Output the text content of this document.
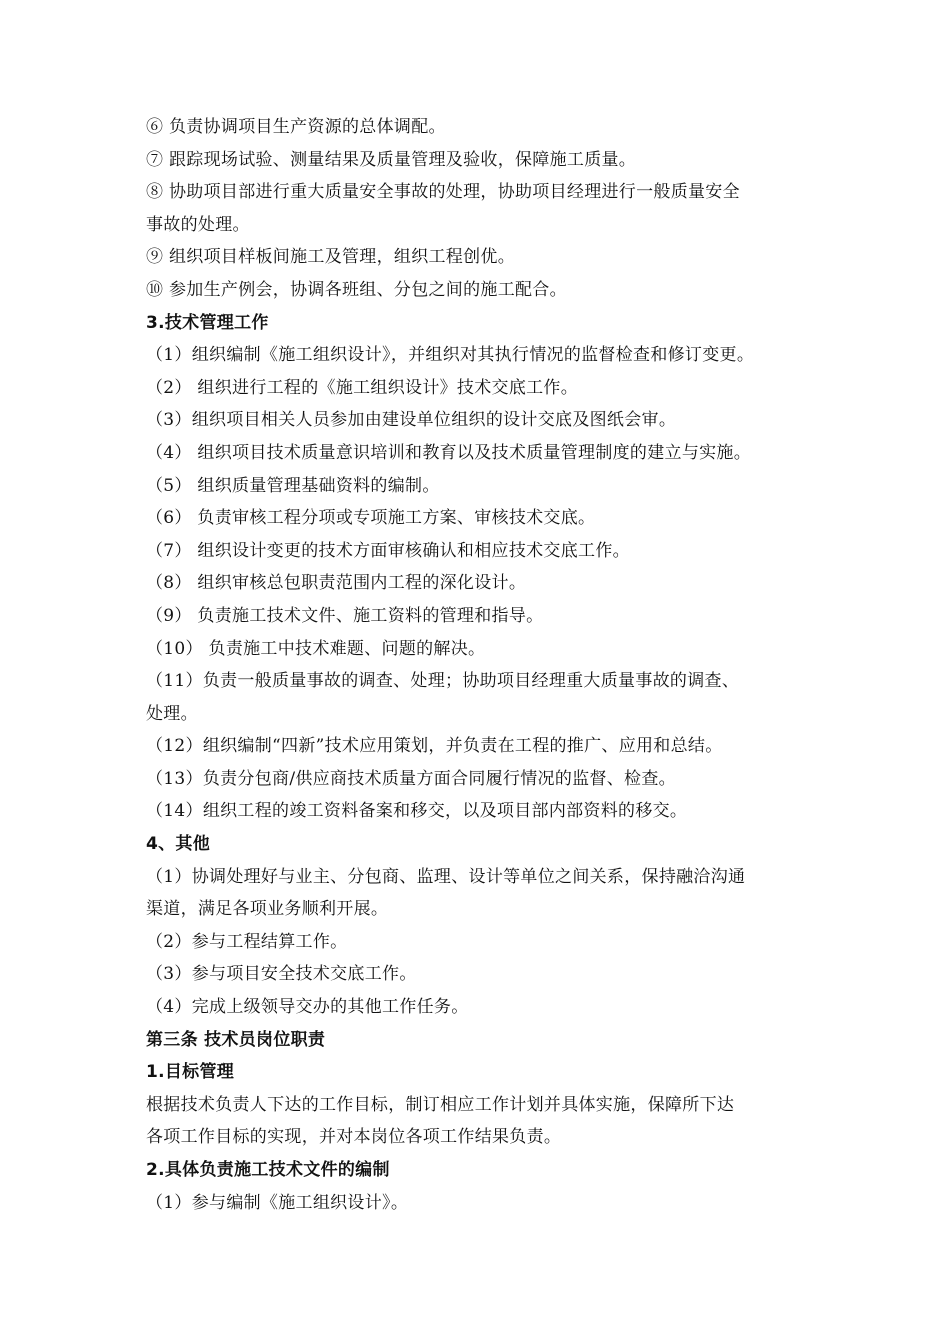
⑥ 负责协调项目生产资源的总体调配。
⑦ 跟踪现场试验、测量结果及质量管理及验收，保障施工质量。
⑧ 协助项目部进行重大质量安全事故的处理，协助项目经理进行一般质量安全
事故的处理。
⑨ 组织项目样板间施工及管理，组织工程创优。
⑩ 参加生产例会，协调各班组、分包之间的施工配合。
3.技术管理工作
（1）组织编制《施工组织设计》，并组织对其执行情况的监督检查和修订变更。
（2） 组织进行工程的《施工组织设计》技术交底工作。
（3）组织项目相关人员参加由建设单位组织的设计交底及图纸会审。
（4） 组织项目技术质量意识培训和教育以及技术质量管理制度的建立与实施。
（5） 组织质量管理基础资料的编制。
（6） 负责审核工程分项或专项施工方案、审核技术交底。
（7） 组织设计变更的技术方面审核确认和相应技术交底工作。
（8） 组织审核总包职责范围内工程的深化设计。
（9） 负责施工技术文件、施工资料的管理和指导。
（10） 负责施工中技术难题、问题的解决。
（11）负责一般质量事故的调查、处理；协助项目经理重大质量事故的调查、
处理。
（12）组织编制“四新”技术应用策划，并负责在工程的推广、应用和总结。
（13）负责分包商/供应商技术质量方面合同履行情况的监督、检查。
（14）组织工程的竣工资料备案和移交，以及项目部内部资料的移交。
4、其他
（1）协调处理好与业主、分包商、监理、设计等单位之间关系，保持融洽沟通
渠道，满足各项业务顺利开展。
（2）参与工程结算工作。
（3）参与项目安全技术交底工作。
（4）完成上级领导交办的其他工作任务。
第三条 技术员岗位职责
1.目标管理
根据技术负责人下达的工作目标，制订相应工作计划并具体实施，保障所下达
各项工作目标的实现，并对本岗位各项工作结果负责。
2.具体负责施工技术文件的编制
（1）参与编制《施工组织设计》。
